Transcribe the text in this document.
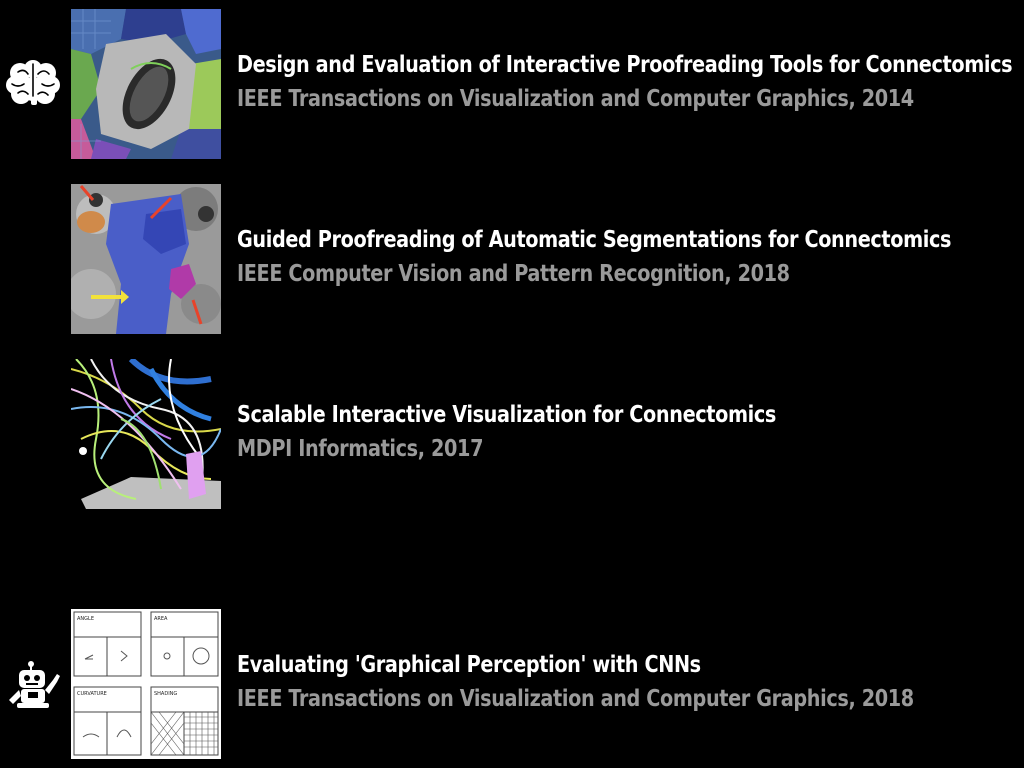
Design and Evaluation of Interactive Proofreading Tools for Connectomics
IEEE Transactions on Visualization and Computer Graphics, 2014
Guided Proofreading of Automatic Segmentations for Connectomics
IEEE Computer Vision and Pattern Recognition, 2018
Scalable Interactive Visualization for Connectomics
MDPI Informatics, 2017
ANGLE	AREA
CURVATURE	SHADING
Evaluating 'Graphical Perception' with CNNs
IEEE Transactions on Visualization and Computer Graphics, 2018
